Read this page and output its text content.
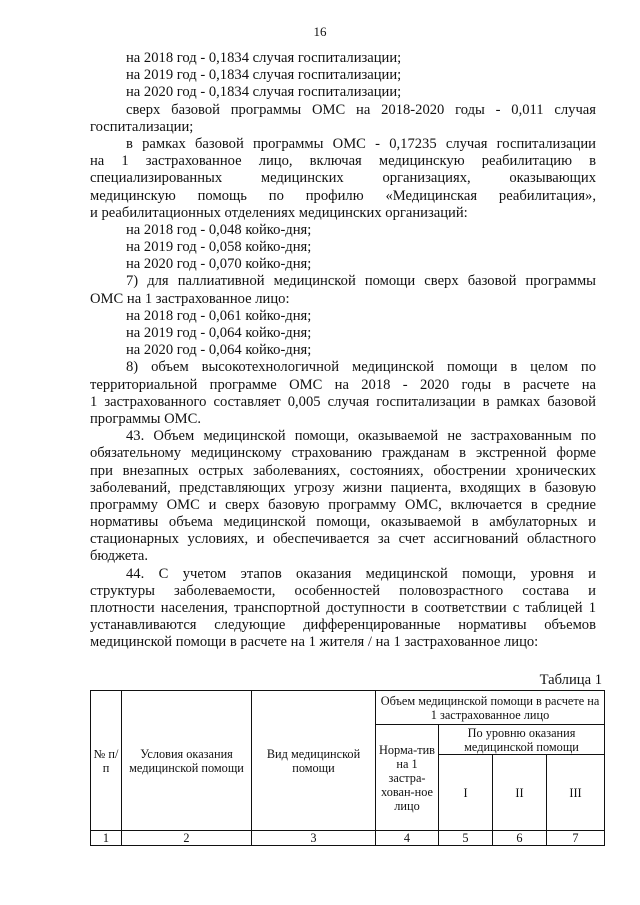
16
на 2018 год - 0,1834 случая госпитализации;
на 2019 год - 0,1834 случая госпитализации;
на 2020 год - 0,1834 случая госпитализации;
сверх базовой программы ОМС на 2018-2020 годы - 0,011 случая
госпитализации;
в рамках базовой программы ОМС - 0,17235 случая госпитализации
на 1 застрахованное лицо, включая медицинскую реабилитацию в
специализированных медицинских организациях, оказывающих
медицинскую помощь по профилю «Медицинская реабилитация»,
и реабилитационных отделениях медицинских организаций:
на 2018 год - 0,048 койко-дня;
на 2019 год - 0,058 койко-дня;
на 2020 год - 0,070 койко-дня;
7) для паллиативной медицинской помощи сверх базовой программы
ОМС на 1 застрахованное лицо:
на 2018 год - 0,061 койко-дня;
на 2019 год - 0,064 койко-дня;
на 2020 год - 0,064 койко-дня;
8) объем высокотехнологичной медицинской помощи в целом по
территориальной программе ОМС на 2018 - 2020 годы в расчете на
1 застрахованного составляет 0,005 случая госпитализации в рамках базовой
программы ОМС.
43. Объем медицинской помощи, оказываемой не застрахованным по
обязательному медицинскому страхованию гражданам в экстренной форме
при внезапных острых заболеваниях, состояниях, обострении хронических
заболеваний, представляющих угрозу жизни пациента, входящих в базовую
программу ОМС и сверх базовую программу ОМС, включается в средние
нормативы объема медицинской помощи, оказываемой в амбулаторных и
стационарных условиях, и обеспечивается за счет ассигнований областного
бюджета.
44. С учетом этапов оказания медицинской помощи, уровня и
структуры заболеваемости, особенностей половозрастного состава и
плотности населения, транспортной доступности в соответствии с таблицей 1
устанавливаются следующие дифференцированные нормативы объемов
медицинской помощи в расчете на 1 жителя / на 1 застрахованное лицо:
Таблица 1
№ п/п	Условия оказания медицинской помощи	Вид медицинской помощи	Объем медицинской помощи в расчете на 1 застрахованное лицо			
			Норма-тив на 1 застра-хован-ное лицо	По уровню оказания медицинской помощи		
				I	II	III
1	2	3	4	5	6	7
